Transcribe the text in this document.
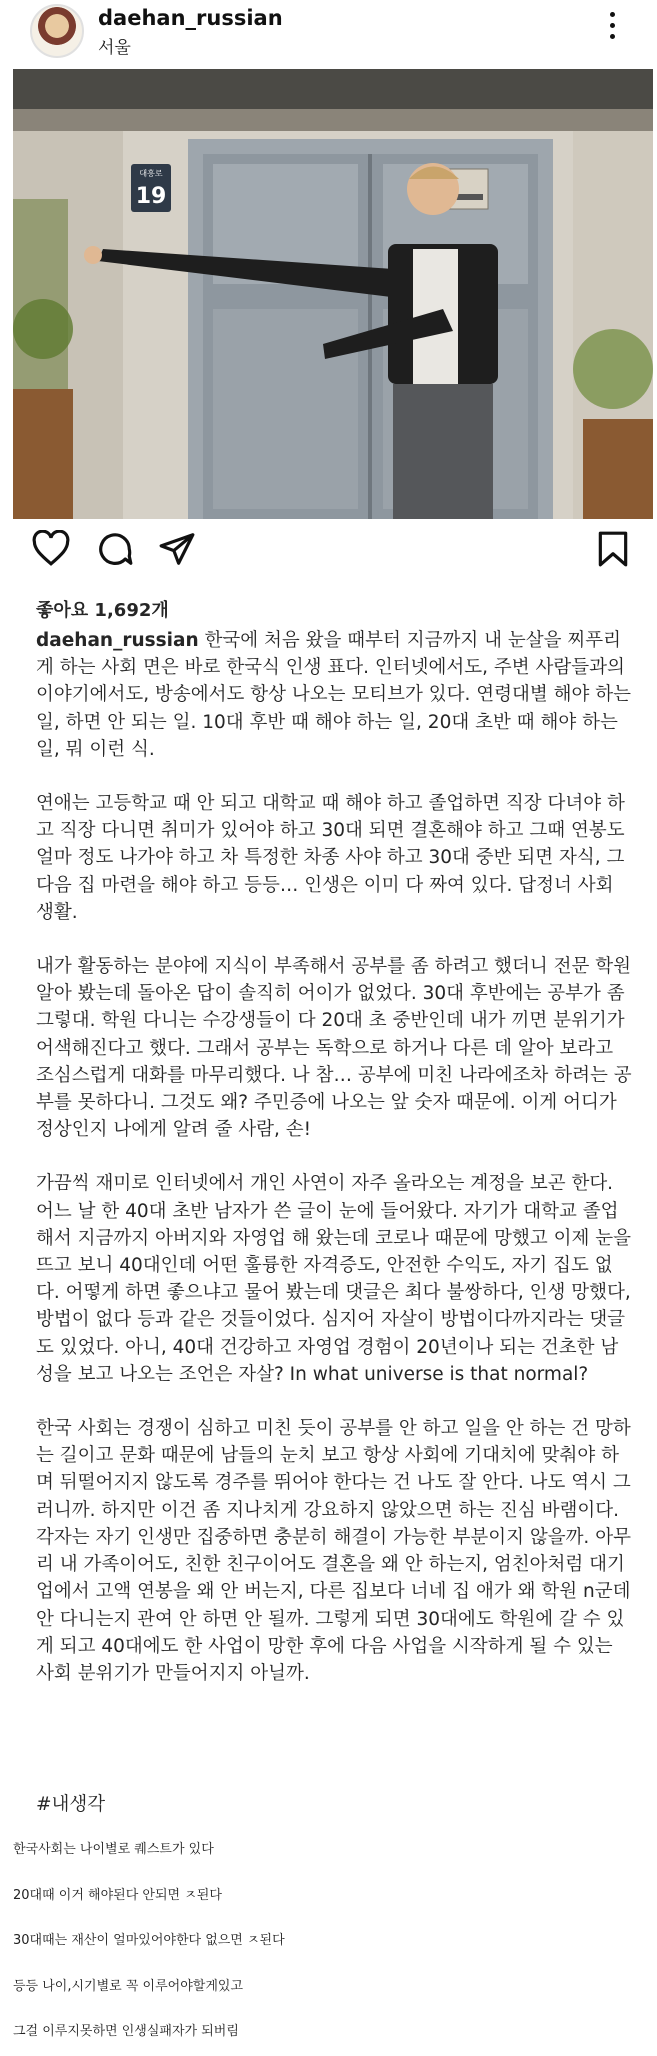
daehan_russian
서울
대흥로
19
좋아요 1,692개

daehan_russian 한국에 처음 왔을 때부터 지금까지 내 눈살을 찌푸리게 하는 사회 면은 바로 한국식 인생 표다. 인터넷에서도, 주변 사람들과의 이야기에서도, 방송에서도 항상 나오는 모티브가 있다. 연령대별 해야 하는 일, 하면 안 되는 일. 10대 후반 때 해야 하는 일, 20대 초반 때 해야 하는 일, 뭐 이런 식.

연애는 고등학교 때 안 되고 대학교 때 해야 하고 졸업하면 직장 다녀야 하고 직장 다니면 취미가 있어야 하고 30대 되면 결혼해야 하고 그때 연봉도 얼마 정도 나가야 하고 차 특정한 차종 사야 하고 30대 중반 되면 자식, 그 다음 집 마련을 해야 하고 등등… 인생은 이미 다 짜여 있다. 답정너 사회 생활.

내가 활동하는 분야에 지식이 부족해서 공부를 좀 하려고 했더니 전문 학원 알아 봤는데 돌아온 답이 솔직히 어이가 없었다. 30대 후반에는 공부가 좀 그렇대. 학원 다니는 수강생들이 다 20대 초 중반인데 내가 끼면 분위기가 어색해진다고 했다. 그래서 공부는 독학으로 하거나 다른 데 알아 보라고 조심스럽게 대화를 마무리했다. 나 참… 공부에 미친 나라에조차 하려는 공부를 못하다니. 그것도 왜? 주민증에 나오는 앞 숫자 때문에. 이게 어디가 정상인지 나에게 알려 줄 사람, 손!

가끔씩 재미로 인터넷에서 개인 사연이 자주 올라오는 계정을 보곤 한다. 어느 날 한 40대 초반 남자가 쓴 글이 눈에 들어왔다. 자기가 대학교 졸업해서 지금까지 아버지와 자영업 해 왔는데 코로나 때문에 망했고 이제 눈을 뜨고 보니 40대인데 어떤 훌륭한 자격증도, 안전한 수익도, 자기 집도 없다. 어떻게 하면 좋으냐고 물어 봤는데 댓글은 최다 불쌍하다, 인생 망했다, 방법이 없다 등과 같은 것들이었다. 심지어 자살이 방법이다까지라는 댓글도 있었다. 아니, 40대 건강하고 자영업 경험이 20년이나 되는 건초한 남성을 보고 나오는 조언은 자살? In what universe is that normal?

한국 사회는 경쟁이 심하고 미친 듯이 공부를 안 하고 일을 안 하는 건 망하는 길이고 문화 때문에 남들의 눈치 보고 항상 사회에 기대치에 맞춰야 하며 뒤떨어지지 않도록 경주를 뛰어야 한다는 건 나도 잘 안다. 나도 역시 그러니까. 하지만 이건 좀 지나치게 강요하지 않았으면 하는 진심 바램이다. 각자는 자기 인생만 집중하면 충분히 해결이 가능한 부분이지 않을까. 아무리 내 가족이어도, 친한 친구이어도 결혼을 왜 안 하는지, 엄친아처럼 대기업에서 고액 연봉을 왜 안 버는지, 다른 집보다 너네 집 애가 왜 학원 n군데 안 다니는지 관여 안 하면 안 될까. 그렇게 되면 30대에도 학원에 갈 수 있게 되고 40대에도 한 사업이 망한 후에 다음 사업을 시작하게 될 수 있는 사회 분위기가 만들어지지 아닐까.

#내생각
한국사회는 나이별로 퀘스트가 있다
20대때 이거 해야된다 안되면 ㅈ된다
30대때는 재산이 얼마있어야한다 없으면 ㅈ된다
등등 나이,시기별로 꼭 이루어야할게있고
그걸 이루지못하면 인생실패자가 되버림
